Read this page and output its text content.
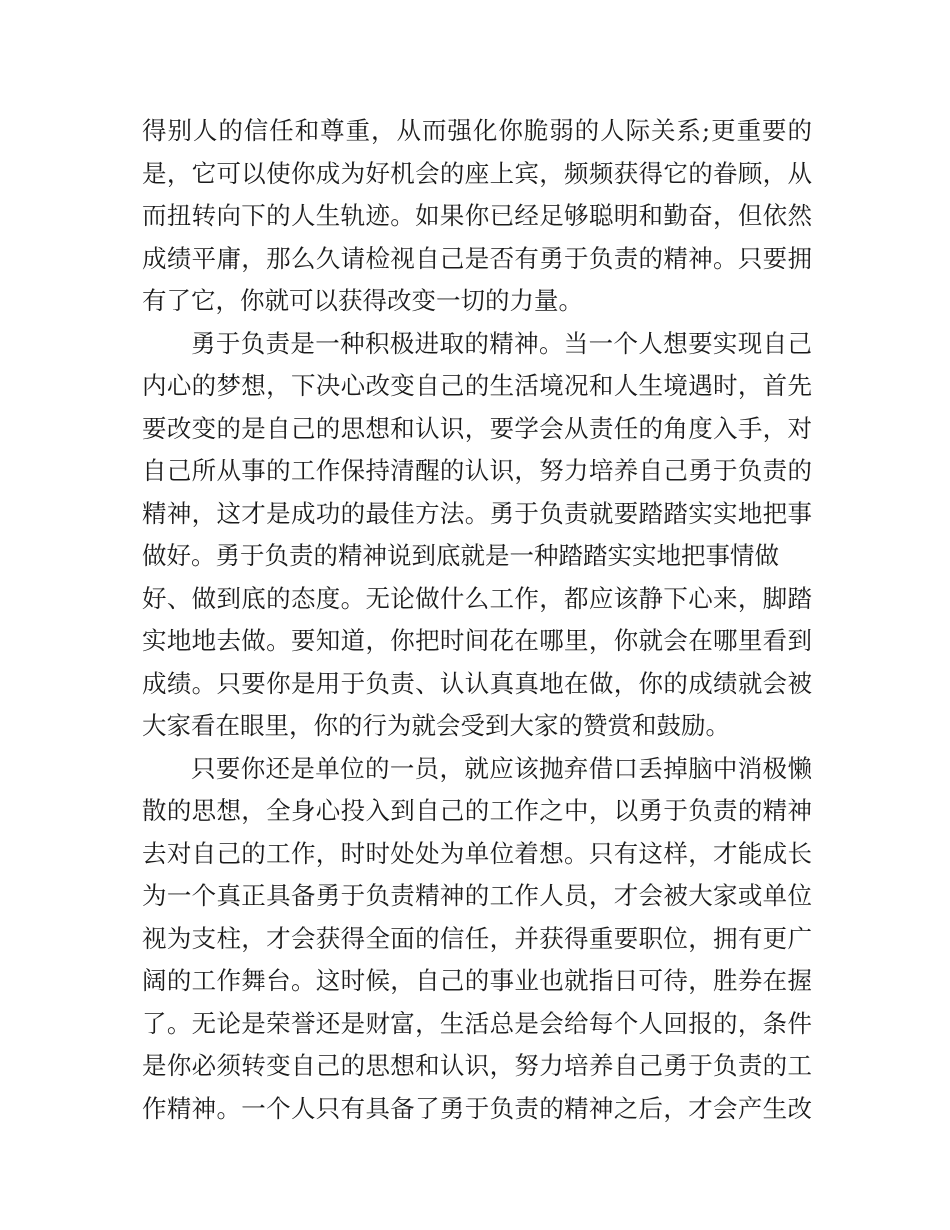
得别人的信任和尊重，从而强化你脆弱的人际关系;更重要的
是，它可以使你成为好机会的座上宾，频频获得它的眷顾，从
而扭转向下的人生轨迹。如果你已经足够聪明和勤奋，但依然
成绩平庸，那么久请检视自己是否有勇于负责的精神。只要拥
有了它，你就可以获得改变一切的力量。
勇于负责是一种积极进取的精神。当一个人想要实现自己
内心的梦想，下决心改变自己的生活境况和人生境遇时，首先
要改变的是自己的思想和认识，要学会从责任的角度入手，对
自己所从事的工作保持清醒的认识，努力培养自己勇于负责的
精神，这才是成功的最佳方法。勇于负责就要踏踏实实地把事
做好。勇于负责的精神说到底就是一种踏踏实实地把事情做
好、做到底的态度。无论做什么工作，都应该静下心来，脚踏
实地地去做。要知道，你把时间花在哪里，你就会在哪里看到
成绩。只要你是用于负责、认认真真地在做，你的成绩就会被
大家看在眼里，你的行为就会受到大家的赞赏和鼓励。
只要你还是单位的一员，就应该抛弃借口丢掉脑中消极懒
散的思想，全身心投入到自己的工作之中，以勇于负责的精神
去对自己的工作，时时处处为单位着想。只有这样，才能成长
为一个真正具备勇于负责精神的工作人员，才会被大家或单位
视为支柱，才会获得全面的信任，并获得重要职位，拥有更广
阔的工作舞台。这时候，自己的事业也就指日可待，胜券在握
了。无论是荣誉还是财富，生活总是会给每个人回报的，条件
是你必须转变自己的思想和认识，努力培养自己勇于负责的工
作精神。一个人只有具备了勇于负责的精神之后，才会产生改
